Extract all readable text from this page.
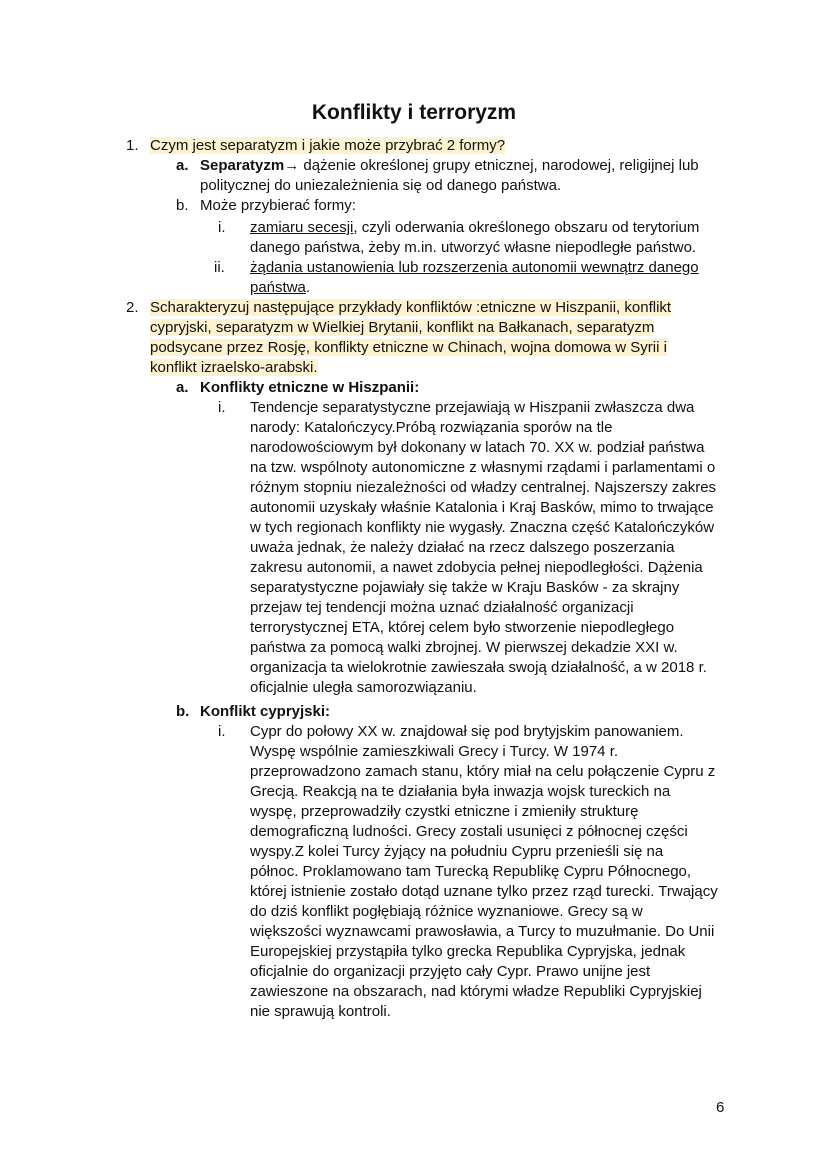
Konflikty i terroryzm
1. Czym jest separatyzm i jakie może przybrać 2 formy?
a. Separatyzm→ dążenie określonej grupy etnicznej, narodowej, religijnej lub
politycznej do uniezależnienia się od danego państwa.
b. Może przybierać formy:
i. zamiaru secesji, czyli oderwania określonego obszaru od terytorium
danego państwa, żeby m.in. utworzyć własne niepodległe państwo.
ii. żądania ustanowienia lub rozszerzenia autonomii wewnątrz danego
państwa.
2. Scharakteryzuj następujące przykłady konfliktów :etniczne w Hiszpanii, konflikt
cypryjski, separatyzm w Wielkiej Brytanii, konflikt na Bałkanach, separatyzm
podsycane przez Rosję, konflikty etniczne w Chinach, wojna domowa w Syrii i
konflikt izraelsko-arabski.
a. Konflikty etniczne w Hiszpanii:
i. Tendencje separatystyczne przejawiają w Hiszpanii zwłaszcza dwa
narody: Katalończycy.Próbą rozwiązania sporów na tle
narodowościowym był dokonany w latach 70. XX w. podział państwa
na tzw. wspólnoty autonomiczne z własnymi rządami i parlamentami o
różnym stopniu niezależności od władzy centralnej. Najszerszy zakres
autonomii uzyskały właśnie Katalonia i Kraj Basków, mimo to trwające
w tych regionach konflikty nie wygasły. Znaczna część Katalończyków
uważa jednak, że należy działać na rzecz dalszego poszerzania
zakresu autonomii, a nawet zdobycia pełnej niepodległości. Dążenia
separatystyczne pojawiały się także w Kraju Basków - za skrajny
przejaw tej tendencji można uznać działalność organizacji
terrorystycznej ETA, której celem było stworzenie niepodległego
państwa za pomocą walki zbrojnej. W pierwszej dekadzie XXI w.
organizacja ta wielokrotnie zawieszała swoją działalność, a w 2018 r.
oficjalnie uległa samorozwiązaniu.
b. Konflikt cypryjski:
i. Cypr do połowy XX w. znajdował się pod brytyjskim panowaniem.
Wyspę wspólnie zamieszkiwali Grecy i Turcy. W 1974 r.
przeprowadzono zamach stanu, który miał na celu połączenie Cypru z
Grecją. Reakcją na te działania była inwazja wojsk tureckich na
wyspę, przeprowadziły czystki etniczne i zmieniły strukturę
demograficzną ludności. Grecy zostali usunięci z północnej części
wyspy.Z kolei Turcy żyjący na południu Cypru przenieśli się na
północ. Proklamowano tam Turecką Republikę Cypru Północnego,
której istnienie zostało dotąd uznane tylko przez rząd turecki. Trwający
do dziś konflikt pogłębiają różnice wyznaniowe. Grecy są w
większości wyznawcami prawosławia, a Turcy to muzułmanie. Do Unii
Europejskiej przystąpiła tylko grecka Republika Cypryjska, jednak
oficjalnie do organizacji przyjęto cały Cypr. Prawo unijne jest
zawieszone na obszarach, nad którymi władze Republiki Cypryjskiej
nie sprawują kontroli.
6
